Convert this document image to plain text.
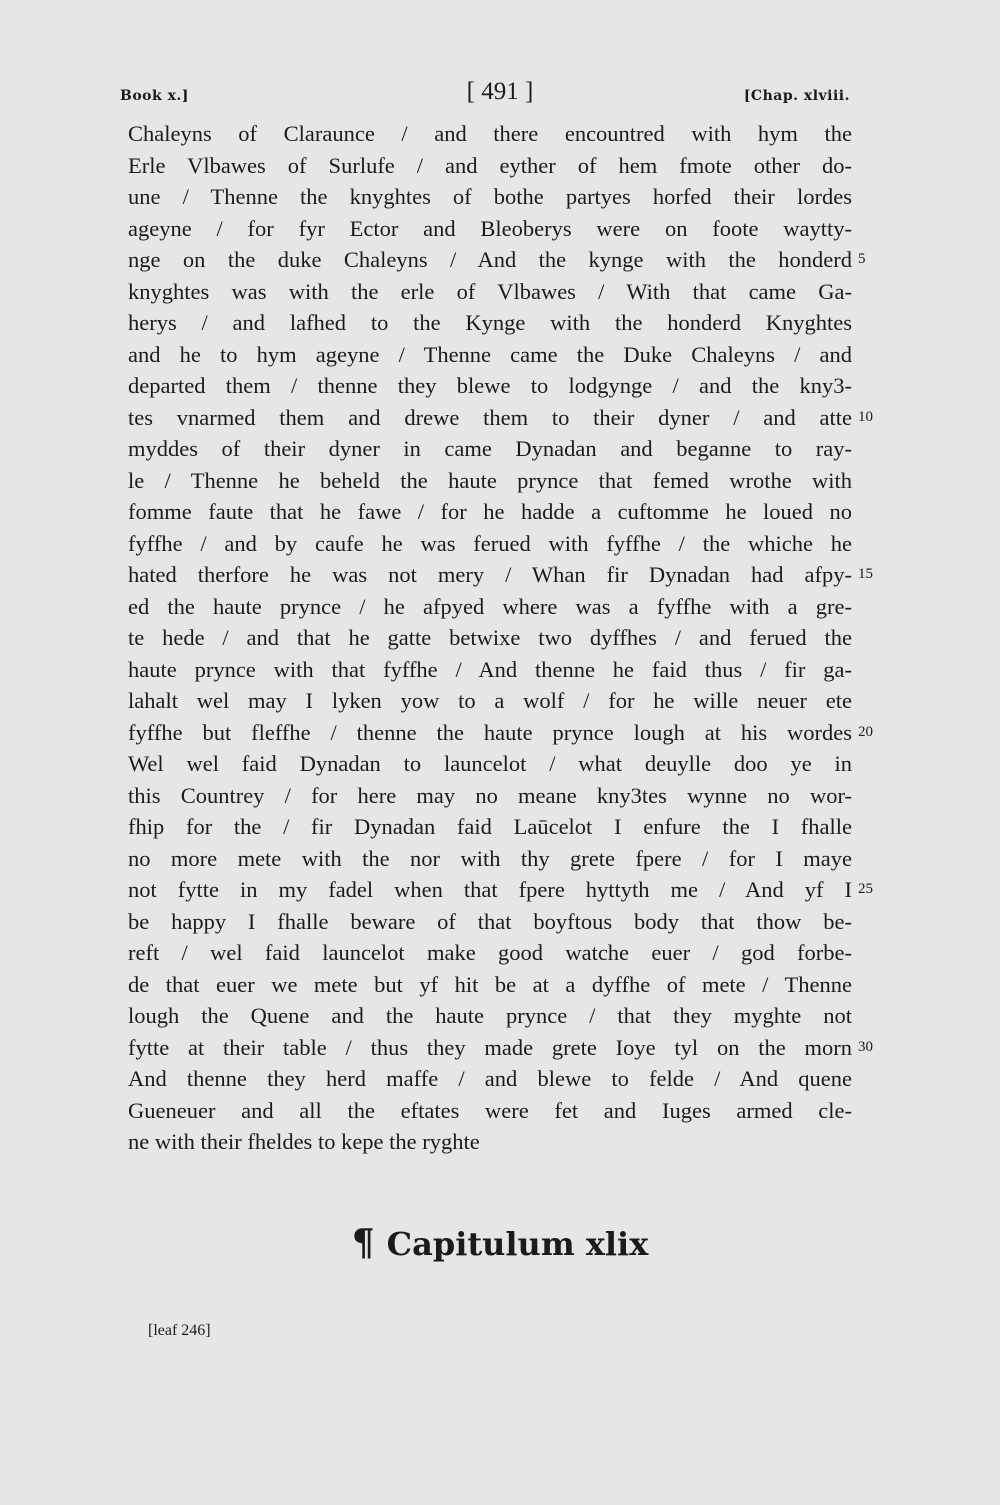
Book x.]	[ 491 ]	[Chap. xlviii.
Chaleyns of Claraunce / and there encountred with hym the
Erle Vlbawes of Surlufe / and eyther of hem fmote other do-
une / Thenne the knyghtes of bothe partyes horfed their lordes
ageyne / for fyr Ector and Bleoberys were on foote waytty-
nge on the duke Chaleyns / And the kynge with the honderd 5
knyghtes was with the erle of Vlbawes / With that came Ga-
herys / and lafhed to the Kynge with the honderd Knyghtes
and he to hym ageyne / Thenne came the Duke Chaleyns / and
departed them / thenne they blewe to lodgynge / and the kny3-
tes vnarmed them and drewe them to their dyner / and atte 10
myddes of their dyner in came Dynadan and beganne to ray-
le / Thenne he beheld the haute prynce that femed wrothe with
fomme faute that he fawe / for he hadde a cuftomme he loued no
fyffhe / and by caufe he was ferued with fyffhe / the whiche he
hated therfore he was not mery / Whan fir Dynadan had afpy- 15
ed the haute prynce / he afpyed where was a fyffhe with a gre-
te hede / and that he gatte betwixe two dyffhes / and ferued the
haute prynce with that fyffhe / And thenne he faid thus / fir ga-
lahalt wel may I lyken yow to a wolf / for he wille neuer ete
fyffhe but fleffhe / thenne the haute prynce lough at his wordes 20
Wel wel faid Dynadan to launcelot / what deuylle doo ye in
this Countrey / for here may no meane kny3tes wynne no wor-
fhip for the / fir Dynadan faid Laūcelot I enfure the I fhalle
no more mete with the nor with thy grete fpere / for I maye
not fytte in my fadel when that fpere hyttyth me / And yf I 25
be happy I fhalle beware of that boyftous body that thow be-
reft / wel faid launcelot make good watche euer / god forbe-
de that euer we mete but yf hit be at a dyffhe of mete / Thenne
lough the Quene and the haute prynce / that they myghte not
fytte at their table / thus they made grete Ioye tyl on the morn 30
And thenne they herd maffe / and blewe to felde / And quene
Gueneuer and all the eftates were fet and Iuges armed cle-
ne with their fheldes to kepe the ryghte
¶ Capitulum xlix
[leaf 246]
